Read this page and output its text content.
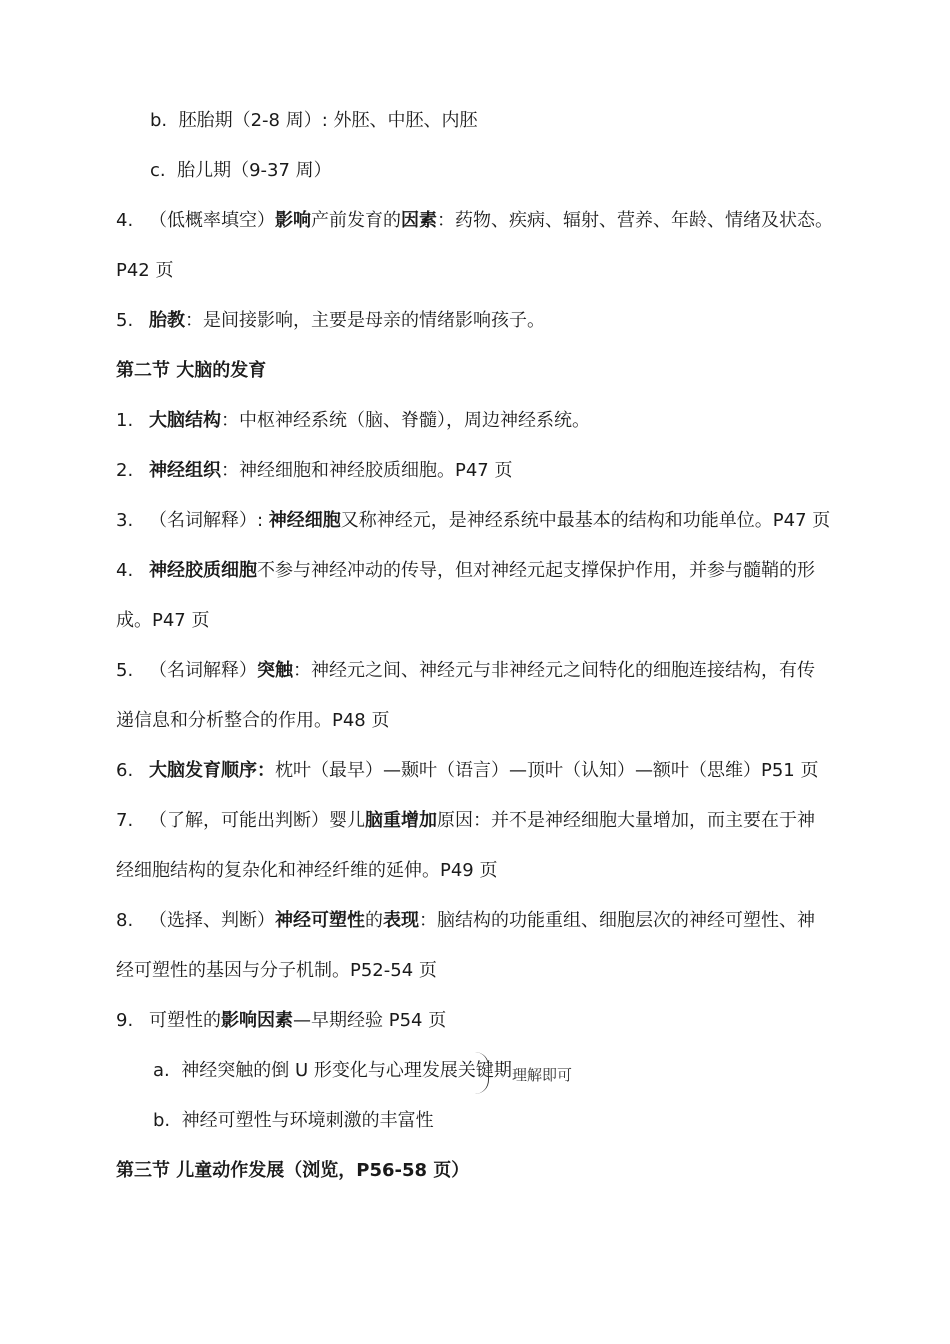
b. 胚胎期（2-8 周）: 外胚、中胚、内胚
c. 胎儿期（9-37 周）
4. （低概率填空）影响产前发育的因素：药物、疾病、辐射、营养、年龄、情绪及状态。
P42 页
5. 胎教：是间接影响，主要是母亲的情绪影响孩子。
第二节 大脑的发育
1. 大脑结构：中枢神经系统（脑、脊髓），周边神经系统。
2. 神经组织：神经细胞和神经胶质细胞。P47 页
3. （名词解释）: 神经细胞又称神经元，是神经系统中最基本的结构和功能单位。P47 页
4. 神经胶质细胞不参与神经冲动的传导，但对神经元起支撑保护作用，并参与髓鞘的形
成。P47 页
5. （名词解释）突触：神经元之间、神经元与非神经元之间特化的细胞连接结构，有传
递信息和分析整合的作用。P48 页
6. 大脑发育顺序：枕叶（最早）—颞叶（语言）—顶叶（认知）—额叶（思维）P51 页
7. （了解，可能出判断）婴儿脑重增加原因：并不是神经细胞大量增加，而主要在于神
经细胞结构的复杂化和神经纤维的延伸。P49 页
8. （选择、判断）神经可塑性的表现：脑结构的功能重组、细胞层次的神经可塑性、神
经可塑性的基因与分子机制。P52-54 页
9. 可塑性的影响因素—早期经验 P54 页
a. 神经突触的倒 U 形变化与心理发展关键期
b. 神经可塑性与环境刺激的丰富性
理解即可
第三节 儿童动作发展（浏览，P56-58 页）
